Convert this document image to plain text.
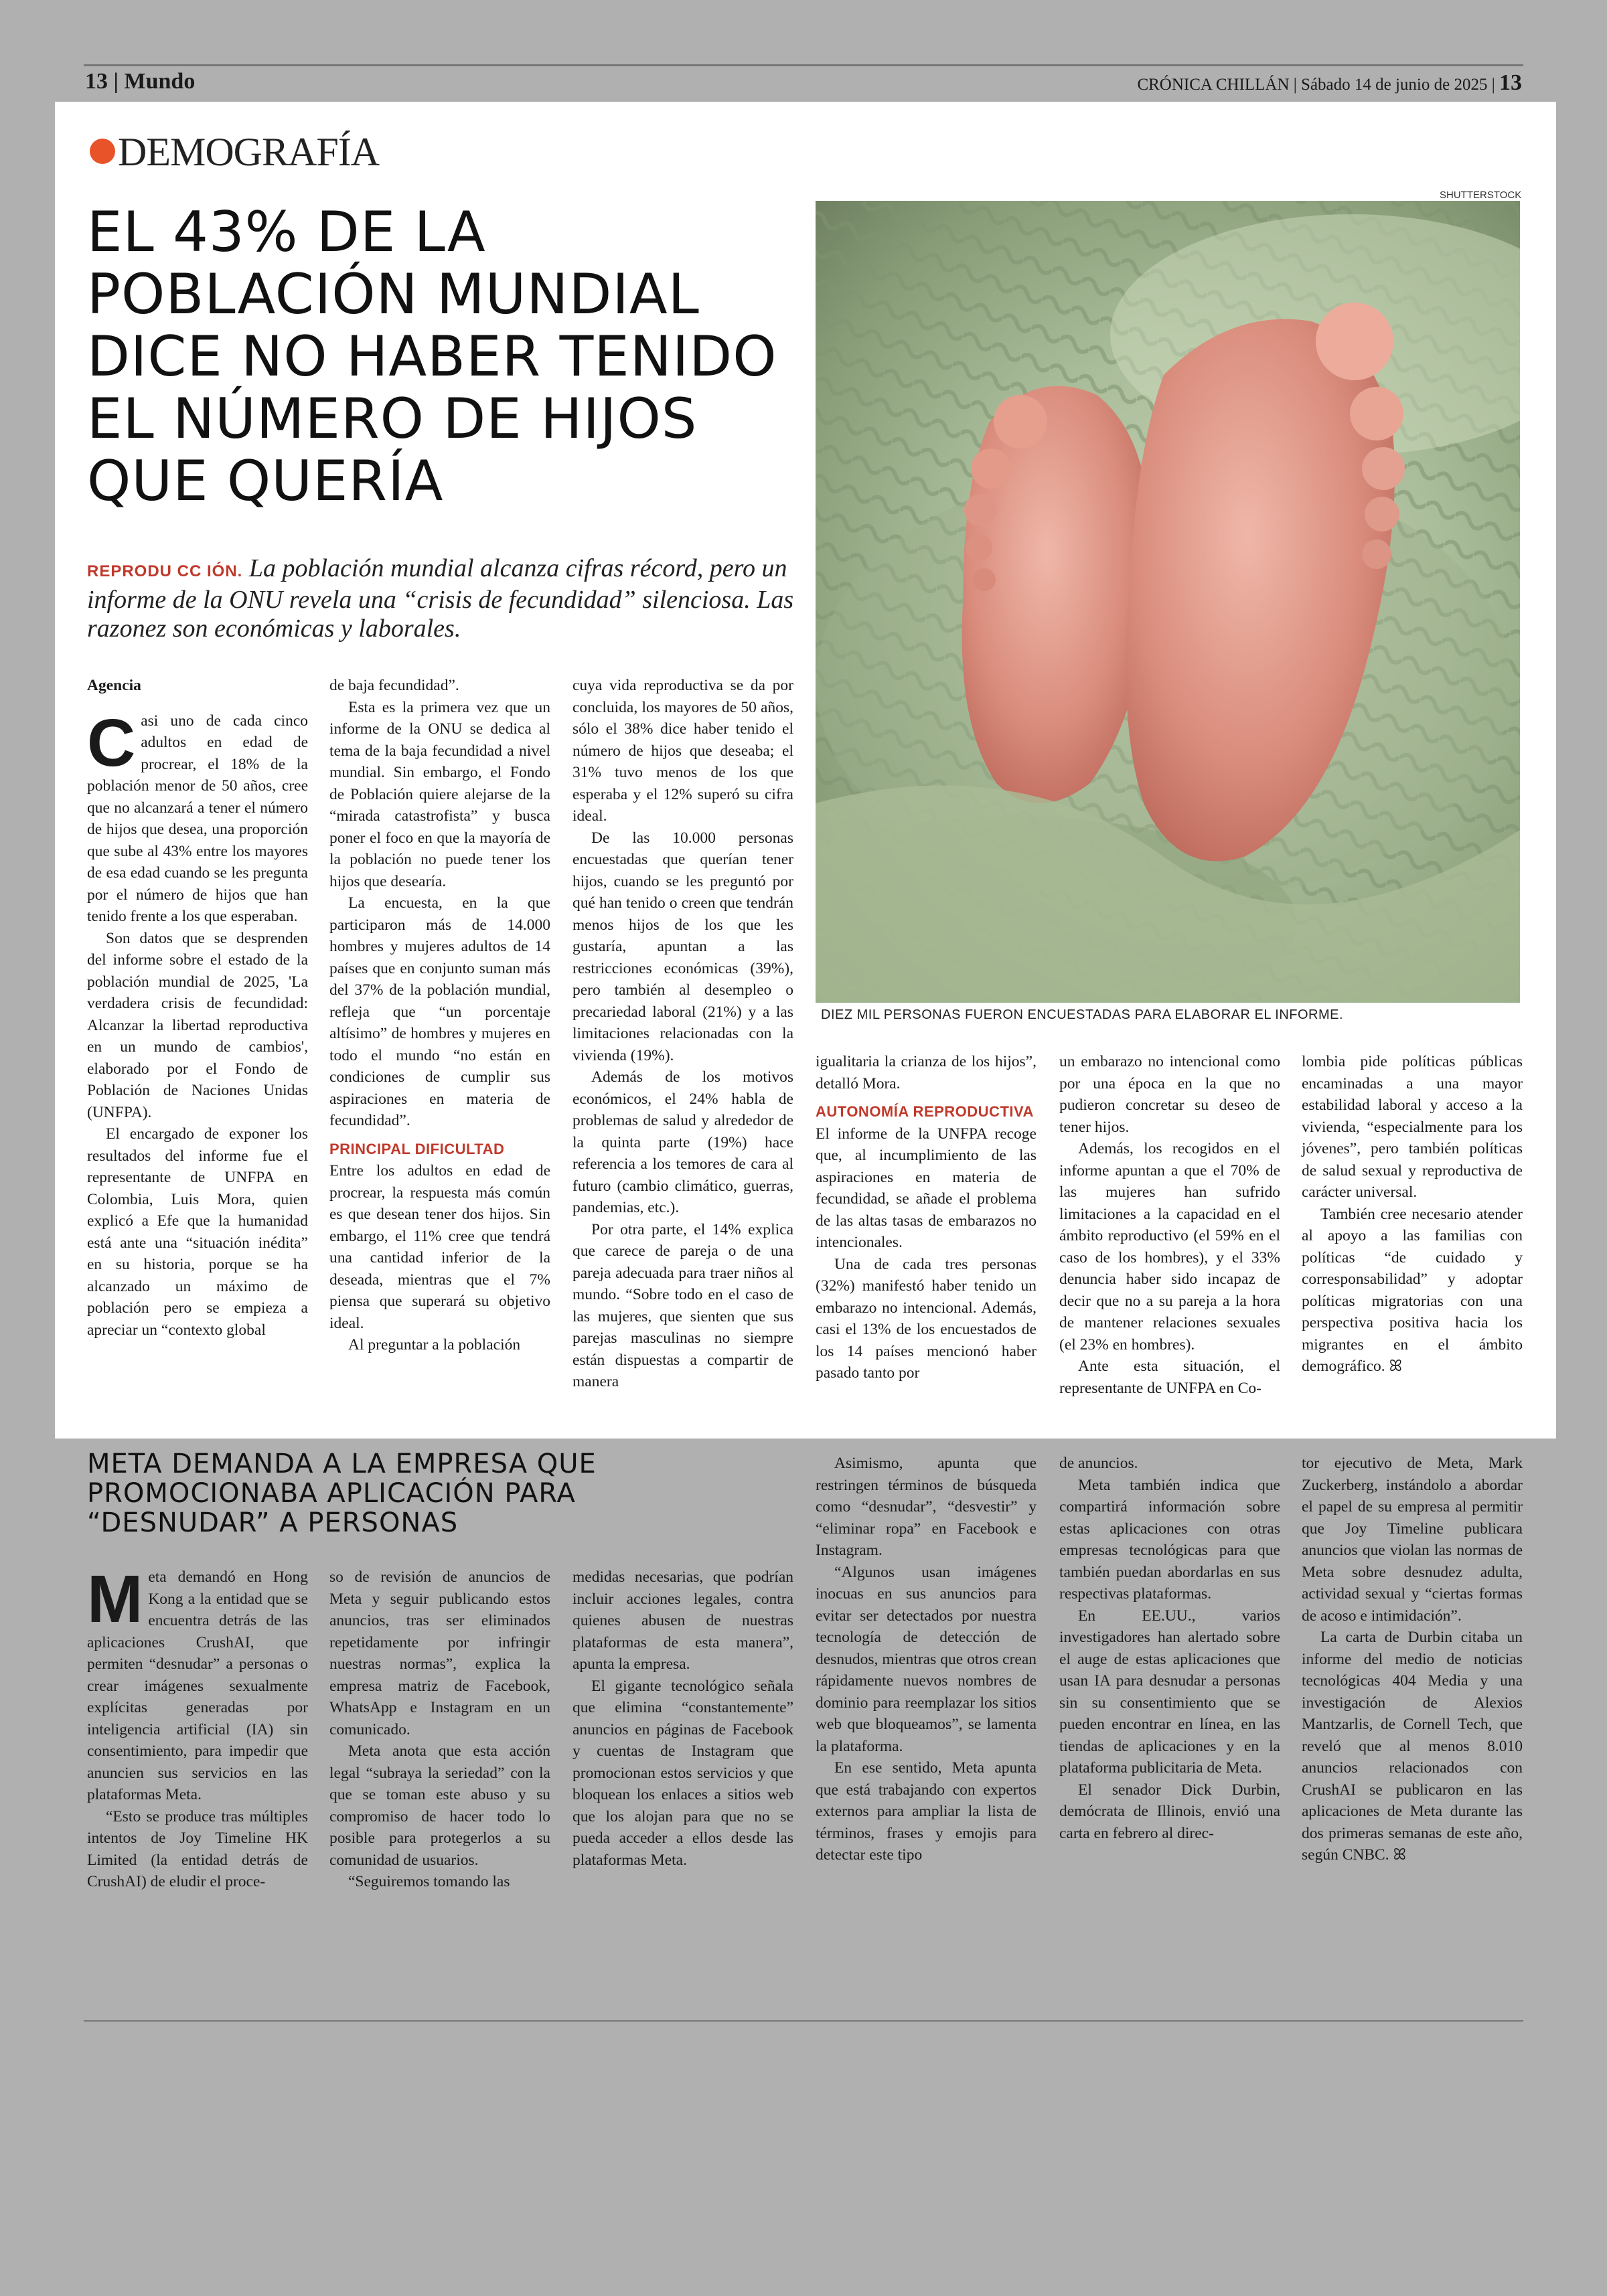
13 | Mundo	CRÓNICA CHILLÁN | Sábado 14 de junio de 2025 | 13
DEMOGRAFÍA
EL 43% DE LA POBLACIÓN MUNDIAL DICE NO HABER TENIDO EL NÚMERO DE HIJOS QUE QUERÍA
REPRODU CC IÓN. La población mundial alcanza cifras récord, pero un informe de la ONU revela una “crisis de fecundidad” silenciosa. Las razonez son económicas y laborales.
SHUTTERSTOCK
DIEZ MIL PERSONAS FUERON ENCUESTADAS PARA ELABORAR EL INFORME.

Agencia

Casi uno de cada cinco adultos en edad de procrear, el 18% de la población menor de 50 años, cree que no alcanzará a tener el número de hijos que desea, una proporción que sube al 43% entre los mayores de esa edad cuando se les pregunta por el número de hijos que han tenido frente a los que esperaban.

Son datos que se desprenden del informe sobre el estado de la población mundial de 2025, 'La verdadera crisis de fecundidad: Alcanzar la libertad reproductiva en un mundo de cambios', elaborado por el Fondo de Población de Naciones Unidas (UNFPA).

El encargado de exponer los resultados del informe fue el representante de UNFPA en Colombia, Luis Mora, quien explicó a Efe que la humanidad está ante una “situación inédita” en su historia, porque se ha alcanzado un máximo de población pero se empieza a apreciar un “contexto global

de baja fecundidad”.

Esta es la primera vez que un informe de la ONU se dedica al tema de la baja fecundidad a nivel mundial. Sin embargo, el Fondo de Población quiere alejarse de la “mirada catastrofista” y busca poner el foco en que la mayoría de la población no puede tener los hijos que desearía.

La encuesta, en la que participaron más de 14.000 hombres y mujeres adultos de 14 países que en conjunto suman más del 37% de la población mundial, refleja que “un porcentaje altísimo” de hombres y mujeres en todo el mundo “no están en condiciones de cumplir sus aspiraciones en materia de fecundidad”.

PRINCIPAL DIFICULTAD

Entre los adultos en edad de procrear, la respuesta más común es que desean tener dos hijos. Sin embargo, el 11% cree que tendrá una cantidad inferior de la deseada, mientras que el 7% piensa que superará su objetivo ideal.

Al preguntar a la población

cuya vida reproductiva se da por concluida, los mayores de 50 años, sólo el 38% dice haber tenido el número de hijos que deseaba; el 31% tuvo menos de los que esperaba y el 12% superó su cifra ideal.

De las 10.000 personas encuestadas que querían tener hijos, cuando se les preguntó por qué han tenido o creen que tendrán menos hijos de los que les gustaría, apuntan a las restricciones económicas (39%), pero también al desempleo o precariedad laboral (21%) y a las limitaciones relacionadas con la vivienda (19%).

Además de los motivos económicos, el 24% habla de problemas de salud y alrededor de la quinta parte (19%) hace referencia a los temores de cara al futuro (cambio climático, guerras, pandemias, etc.).

Por otra parte, el 14% explica que carece de pareja o de una pareja adecuada para traer niños al mundo. “Sobre todo en el caso de las mujeres, que sienten que sus parejas masculinas no siempre están dispuestas a compartir de manera

igualitaria la crianza de los hijos”, detalló Mora.

AUTONOMÍA REPRODUCTIVA

El informe de la UNFPA recoge que, al incumplimiento de las aspiraciones en materia de fecundidad, se añade el problema de las altas tasas de embarazos no intencionales.

Una de cada tres personas (32%) manifestó haber tenido un embarazo no intencional. Además, casi el 13% de los encuestados de los 14 países mencionó haber pasado tanto por

un embarazo no intencional como por una época en la que no pudieron concretar su deseo de tener hijos.

Además, los recogidos en el informe apuntan a que el 70% de las mujeres han sufrido limitaciones a la capacidad en el ámbito reproductivo (el 59% en el caso de los hombres), y el 33% denuncia haber sido incapaz de decir que no a su pareja a la hora de mantener relaciones sexuales (el 23% en hombres).

Ante esta situación, el representante de UNFPA en Co-

lombia pide políticas públicas encaminadas a una mayor estabilidad laboral y acceso a la vivienda, “especialmente para los jóvenes”, pero también políticas de salud sexual y reproductiva de carácter universal.

También cree necesario atender al apoyo a las familias con políticas “de cuidado y corresponsabilidad” y adoptar políticas migratorias con una perspectiva positiva hacia los migrantes en el ámbito demográfico. ꕤ

META DEMANDA A LA EMPRESA QUE PROMOCIONABA APLICACIÓN PARA “DESNUDAR” A PERSONAS

Meta demandó en Hong Kong a la entidad que se encuentra detrás de las aplicaciones CrushAI, que permiten “desnudar” a personas o crear imágenes sexualmente explícitas generadas por inteligencia artificial (IA) sin consentimiento, para impedir que anuncien sus servicios en las plataformas Meta.

“Esto se produce tras múltiples intentos de Joy Timeline HK Limited (la entidad detrás de CrushAI) de eludir el proce-

so de revisión de anuncios de Meta y seguir publicando estos anuncios, tras ser eliminados repetidamente por infringir nuestras normas”, explica la empresa matriz de Facebook, WhatsApp e Instagram en un comunicado.

Meta anota que esta acción legal “subraya la seriedad” con la que se toman este abuso y su compromiso de hacer todo lo posible para protegerlos a su comunidad de usuarios.

“Seguiremos tomando las

medidas necesarias, que podrían incluir acciones legales, contra quienes abusen de nuestras plataformas de esta manera”, apunta la empresa.

El gigante tecnológico señala que elimina “constantemente” anuncios en páginas de Facebook y cuentas de Instagram que promocionan estos servicios y que bloquean los enlaces a sitios web que los alojan para que no se pueda acceder a ellos desde las plataformas Meta.

Asimismo, apunta que restringen términos de búsqueda como “desnudar”, “desvestir” y “eliminar ropa” en Facebook e Instagram.

“Algunos usan imágenes inocuas en sus anuncios para evitar ser detectados por nuestra tecnología de detección de desnudos, mientras que otros crean rápidamente nuevos nombres de dominio para reemplazar los sitios web que bloqueamos”, se lamenta la plataforma.

En ese sentido, Meta apunta que está trabajando con expertos externos para ampliar la lista de términos, frases y emojis para detectar este tipo

de anuncios.

Meta también indica que compartirá información sobre estas aplicaciones con otras empresas tecnológicas para que también puedan abordarlas en sus respectivas plataformas.

En EE.UU., varios investigadores han alertado sobre el auge de estas aplicaciones que usan IA para desnudar a personas sin su consentimiento que se pueden encontrar en línea, en las tiendas de aplicaciones y en la plataforma publicitaria de Meta.

El senador Dick Durbin, demócrata de Illinois, envió una carta en febrero al direc-

tor ejecutivo de Meta, Mark Zuckerberg, instándolo a abordar el papel de su empresa al permitir que Joy Timeline publicara anuncios que violan las normas de Meta sobre desnudez adulta, actividad sexual y “ciertas formas de acoso e intimidación”.

La carta de Durbin citaba un informe del medio de noticias tecnológicas 404 Media y una investigación de Alexios Mantzarlis, de Cornell Tech, que reveló que al menos 8.010 anuncios relacionados con CrushAI se publicaron en las aplicaciones de Meta durante las dos primeras semanas de este año, según CNBC. ꕤ
